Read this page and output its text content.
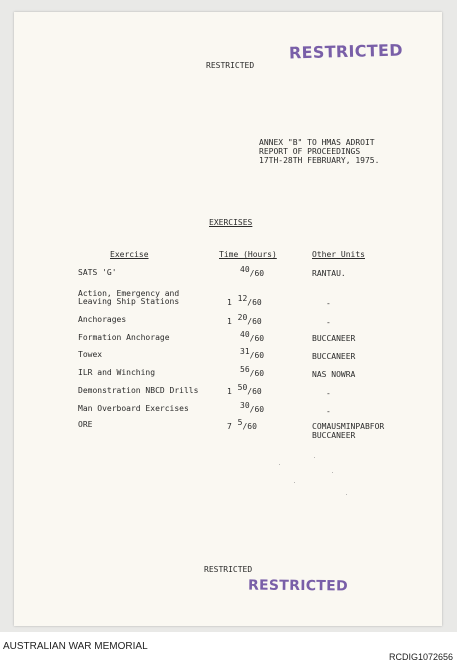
RESTRICTED
RESTRICTED
ANNEX "B" TO HMAS ADROIT
REPORT OF PROCEEDINGS
17TH-28TH FEBRUARY, 1975.
EXERCISES
Exercise	Time (Hours)	Other Units
SATS 'G'	40/60	RANTAU.
Action, Emergency and
Leaving Ship Stations	1 12/60	-
Anchorages	1 20/60	-
Formation Anchorage	40/60	BUCCANEER
Towex	31/60	BUCCANEER
ILR and Winching	56/60	NAS NOWRA
Demonstration NBCD Drills	1 50/60	-
Man Overboard Exercises	30/60	-
ORE	7 5/60	COMAUSMINPABFOR
BUCCANEER
RESTRICTED
RESTRICTED
AUSTRALIAN WAR MEMORIAL
RCDIG1072656
